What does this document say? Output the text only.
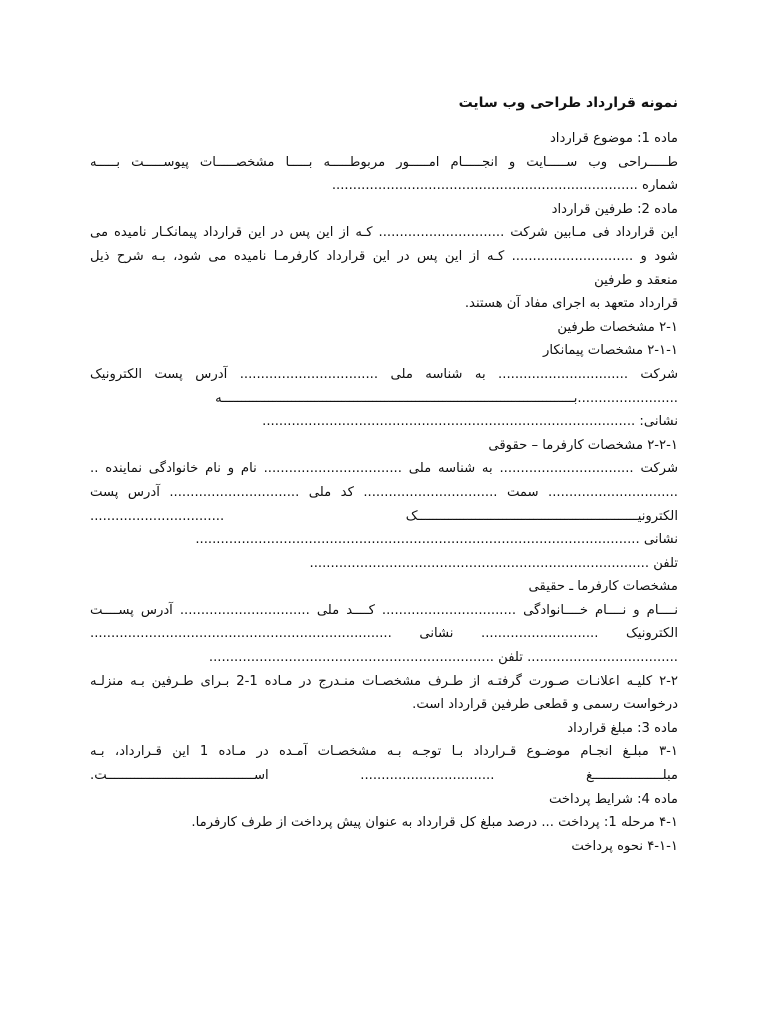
نمونه قرارداد طراحی وب سایت
ماده 1: موضوع قرارداد
طـــــراحی وب ســـــایت و انجـــــام امـــــور مربوطـــــه بـــــا مشخصـــــات پیوســـــت بـــــه
شماره .........................................................................
ماده 2: طرفین قرارداد
این قرارداد فی مـابین شرکت .............................. کـه از این پس در این قرارداد پیمانکـار نامیده می
شود و ............................. کـه از این پس در این قرارداد کارفرمـا نامیده می شود، بـه شرح ذیل
منعقد و طرفین
قرارداد متعهد به اجرای مفاد آن هستند.
۲-۱ مشخصات طرفین
۲-۱-۱ مشخصات پیمانکار
شرکت ............................... به شناسه ملی ................................. آدرس پست الکترونیک
........................بـــــــــــــــــــــــــــــــــــــــــــــــــــــــــــــــــــــــــــــــــــــــــــه
نشانی: .........................................................................................
۲-۲-۱ مشخصات کارفرما – حقوقی
شرکت ................................ به شناسه ملی ................................. نام و نام خانوادگی نماینده ..
............................... سمت ................................ کد ملی ............................... آدرس پست
الکترونیـــــــــــــــــــــــــــــــــــــــــــــــــــــــــک ................................
نشانی ..........................................................................................................
تلفن .................................................................................
مشخصات کارفرما ـ حقیقی
نــــام و نــــام خــــانوادگی ................................ کــــد ملی ............................... آدرس پســــت
الکترونیک ............................ نشانی ........................................................................
.................................... تلفن ....................................................................
۲-۲ کلیـه اعلانـات صـورت گرفتـه از طـرف مشخصـات منـدرج در مـاده 1-2 بـرای طـرفین بـه منزلـه
درخواست رسمی و قطعی طرفین قرارداد است.
ماده 3: مبلغ قرارداد
۳-۱ مبلـغ انجـام موضـوع قـرارداد بـا توجـه بـه مشخصـات آمـده در مـاده 1 این قـرارداد، بـه
مبلــــــــــــــــــغ ................................ اســــــــــــــــــــــــــــــــــــــت.
ماده 4: شرایط پرداخت
۴-۱ مرحله 1: پرداخت ... درصد مبلغ کل قرارداد به عنوان پیش پرداخت از طرف کارفرما.
۴-۱-۱ نحوه پرداخت
